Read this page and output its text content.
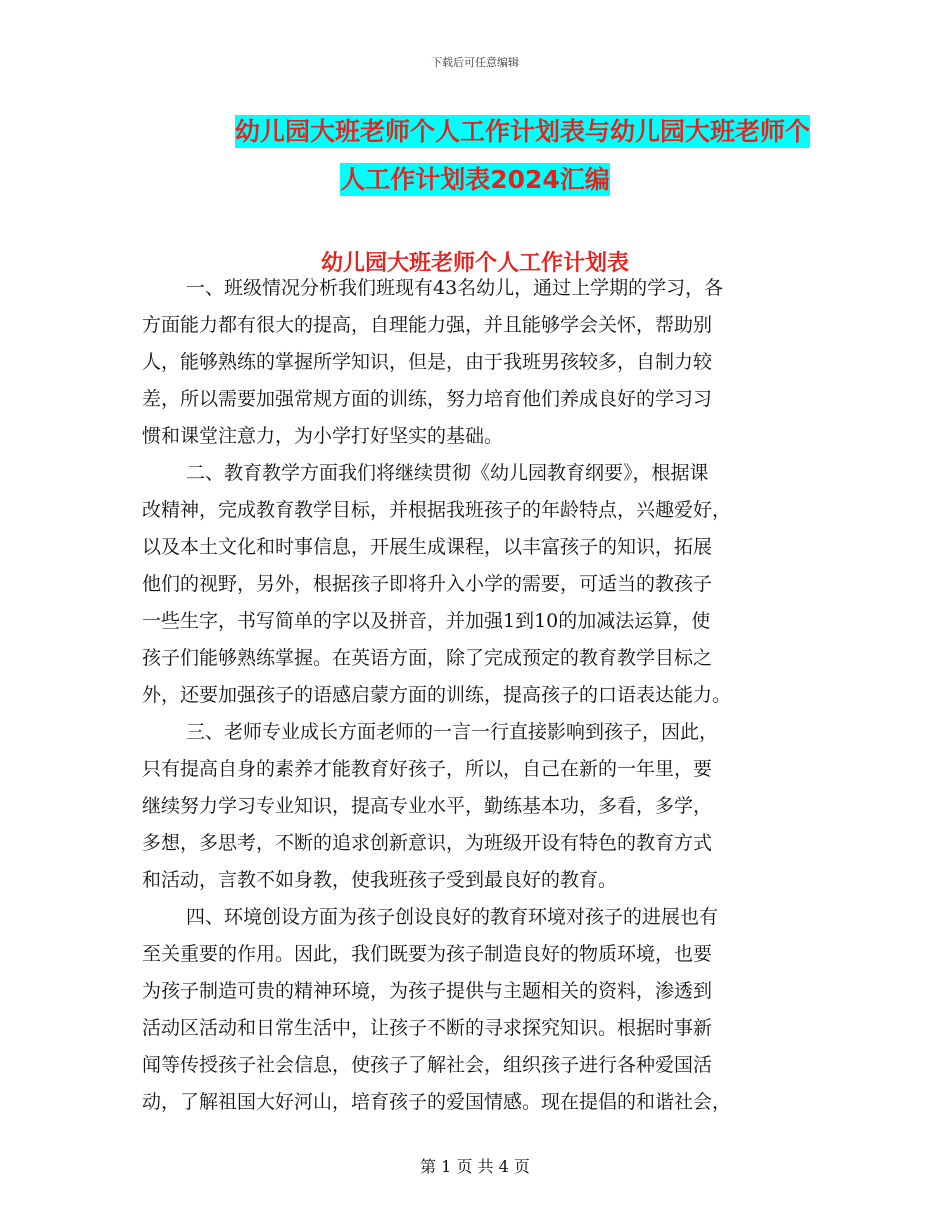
下载后可任意编辑
幼儿园大班老师个人工作计划表与幼儿园大班老师个
人工作计划表2024汇编
幼儿园大班老师个人工作计划表
一、班级情况分析我们班现有43名幼儿，通过上学期的学习，各
方面能力都有很大的提高，自理能力强，并且能够学会关怀，帮助别
人，能够熟练的掌握所学知识，但是，由于我班男孩较多，自制力较
差，所以需要加强常规方面的训练，努力培育他们养成良好的学习习
惯和课堂注意力，为小学打好坚实的基础。
二、教育教学方面我们将继续贯彻《幼儿园教育纲要》，根据课
改精神，完成教育教学目标，并根据我班孩子的年龄特点，兴趣爱好，
以及本土文化和时事信息，开展生成课程，以丰富孩子的知识，拓展
他们的视野，另外，根据孩子即将升入小学的需要，可适当的教孩子
一些生字，书写简单的字以及拼音，并加强1到10的加减法运算，使
孩子们能够熟练掌握。在英语方面，除了完成预定的教育教学目标之
外，还要加强孩子的语感启蒙方面的训练，提高孩子的口语表达能力。
三、老师专业成长方面老师的一言一行直接影响到孩子，因此，
只有提高自身的素养才能教育好孩子，所以，自己在新的一年里，要
继续努力学习专业知识，提高专业水平，勤练基本功，多看，多学，
多想，多思考，不断的追求创新意识，为班级开设有特色的教育方式
和活动，言教不如身教，使我班孩子受到最良好的教育。
四、环境创设方面为孩子创设良好的教育环境对孩子的进展也有
至关重要的作用。因此，我们既要为孩子制造良好的物质环境，也要
为孩子制造可贵的精神环境，为孩子提供与主题相关的资料，渗透到
活动区活动和日常生活中，让孩子不断的寻求探究知识。根据时事新
闻等传授孩子社会信息，使孩子了解社会，组织孩子进行各种爱国活
动，了解祖国大好河山，培育孩子的爱国情感。现在提倡的和谐社会，
第 1 页 共 4 页
